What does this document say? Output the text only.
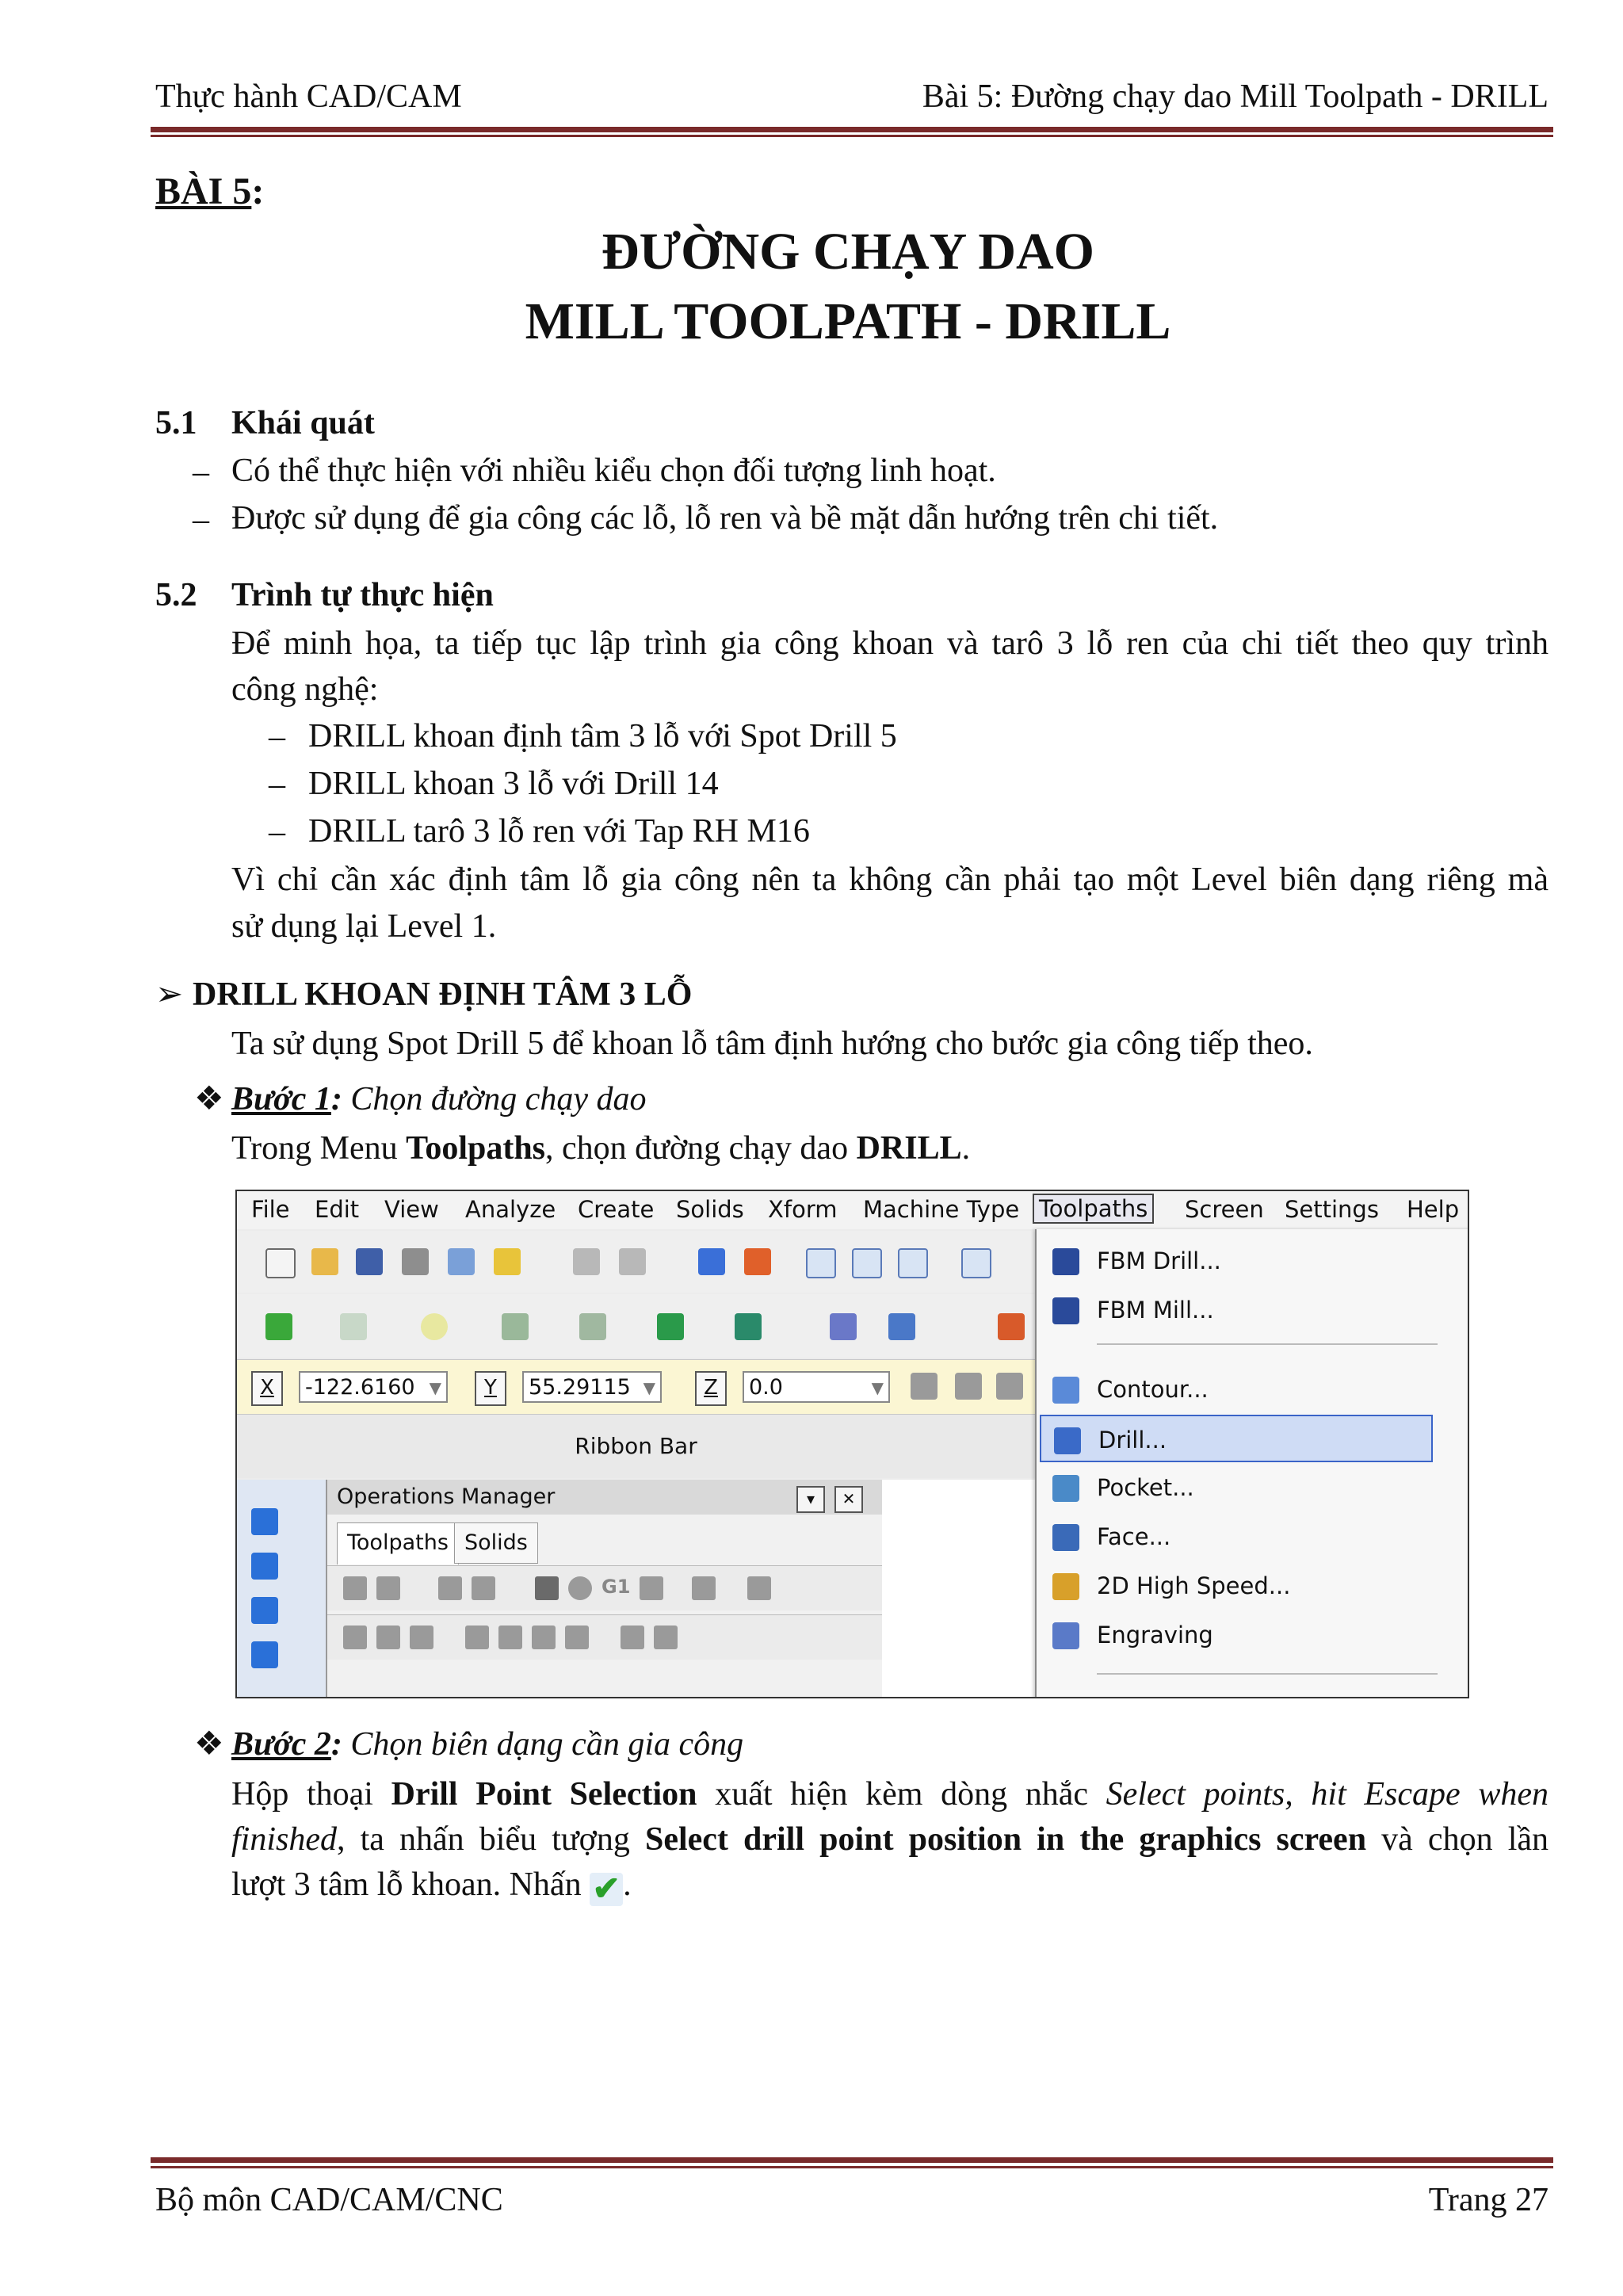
Thực hành CAD/CAM	Bài 5: Đường chạy dao Mill Toolpath - DRILL
BÀI 5:
ĐƯỜNG CHẠY DAO
MILL TOOLPATH - DRILL
5.1 Khái quát
– Có thể thực hiện với nhiều kiểu chọn đối tượng linh hoạt.
– Được sử dụng để gia công các lỗ, lỗ ren và bề mặt dẫn hướng trên chi tiết.
5.2 Trình tự thực hiện
Để minh họa, ta tiếp tục lập trình gia công khoan và tarô 3 lỗ ren của chi tiết theo quy trình
công nghệ:
– DRILL khoan định tâm 3 lỗ với Spot Drill 5
– DRILL khoan 3 lỗ với Drill 14
– DRILL tarô 3 lỗ ren với Tap RH M16
Vì chỉ cần xác định tâm lỗ gia công nên ta không cần phải tạo một Level biên dạng riêng mà
sử dụng lại Level 1.
➢ DRILL KHOAN ĐỊNH TÂM 3 LỖ
Ta sử dụng Spot Drill 5 để khoan lỗ tâm định hướng cho bước gia công tiếp theo.
❖ Bước 1: Chọn đường chạy dao
Trong Menu Toolpaths, chọn đường chạy dao DRILL.
File Edit View Analyze Create Solids Xform Machine Type Toolpaths Screen Settings Help
X	-122.6160 ▼	Y	55.29115 ▼	Z	0.0	▼
Ribbon Bar
Operations Manager	▾	✕
Toolpaths Solids
G1
FBM Drill...
FBM Mill...
Contour...
Drill...
Pocket...
Face...
2D High Speed...
Engraving
❖ Bước 2: Chọn biên dạng cần gia công
Hộp thoại Drill Point Selection xuất hiện kèm dòng nhắc Select points, hit Escape when
finished, ta nhấn biểu tượng Select drill point position in the graphics screen và chọn lần
lượt 3 tâm lỗ khoan. Nhấn ✔.
Bộ môn CAD/CAM/CNC	Trang 27
